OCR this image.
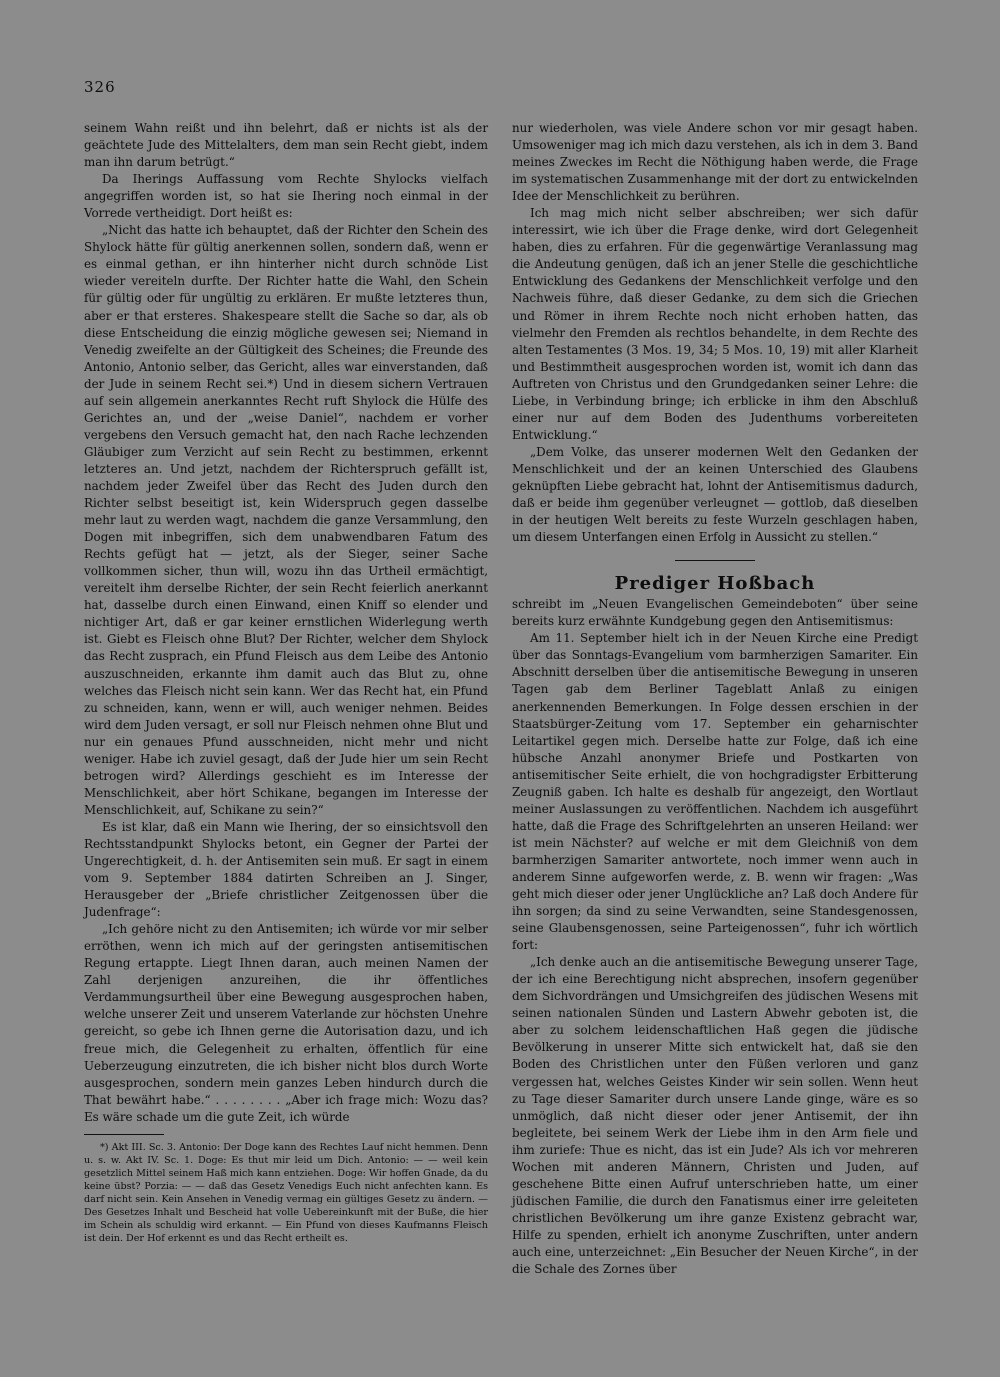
326

seinem Wahn reißt und ihn belehrt, daß er nichts ist als der geächtete Jude des Mittelalters, dem man sein Recht giebt, indem man ihn darum betrügt.“

Da Iherings Auffassung vom Rechte Shylocks vielfach angegriffen worden ist, so hat sie Ihering noch einmal in der Vorrede vertheidigt. Dort heißt es:

„Nicht das hatte ich behauptet, daß der Richter den Schein des Shylock hätte für gültig anerkennen sollen, sondern daß, wenn er es einmal gethan, er ihn hinterher nicht durch schnöde List wieder vereiteln durfte. Der Richter hatte die Wahl, den Schein für gültig oder für ungültig zu erklären. Er mußte letzteres thun, aber er that ersteres. Shakespeare stellt die Sache so dar, als ob diese Entscheidung die einzig mögliche gewesen sei; Niemand in Venedig zweifelte an der Gültigkeit des Scheines; die Freunde des Antonio, Antonio selber, das Gericht, alles war einverstanden, daß der Jude in seinem Recht sei.*) Und in diesem sichern Vertrauen auf sein allgemein anerkanntes Recht ruft Shylock die Hülfe des Gerichtes an, und der „weise Daniel“, nachdem er vorher vergebens den Versuch gemacht hat, den nach Rache lechzenden Gläubiger zum Verzicht auf sein Recht zu bestimmen, erkennt letzteres an. Und jetzt, nachdem der Richterspruch gefällt ist, nachdem jeder Zweifel über das Recht des Juden durch den Richter selbst beseitigt ist, kein Widerspruch gegen dasselbe mehr laut zu werden wagt, nachdem die ganze Versammlung, den Dogen mit inbegriffen, sich dem unabwendbaren Fatum des Rechts gefügt hat — jetzt, als der Sieger, seiner Sache vollkommen sicher, thun will, wozu ihn das Urtheil ermächtigt, vereitelt ihm derselbe Richter, der sein Recht feierlich anerkannt hat, dasselbe durch einen Einwand, einen Kniff so elender und nichtiger Art, daß er gar keiner ernstlichen Widerlegung werth ist. Giebt es Fleisch ohne Blut? Der Richter, welcher dem Shylock das Recht zusprach, ein Pfund Fleisch aus dem Leibe des Antonio auszuschneiden, erkannte ihm damit auch das Blut zu, ohne welches das Fleisch nicht sein kann. Wer das Recht hat, ein Pfund zu schneiden, kann, wenn er will, auch weniger nehmen. Beides wird dem Juden versagt, er soll nur Fleisch nehmen ohne Blut und nur ein genaues Pfund ausschneiden, nicht mehr und nicht weniger. Habe ich zuviel gesagt, daß der Jude hier um sein Recht betrogen wird? Allerdings geschieht es im Interesse der Menschlichkeit, aber hört Schikane, begangen im Interesse der Menschlichkeit, auf, Schikane zu sein?“

Es ist klar, daß ein Mann wie Ihering, der so einsichtsvoll den Rechtsstandpunkt Shylocks betont, ein Gegner der Partei der Ungerechtigkeit, d. h. der Antisemiten sein muß. Er sagt in einem vom 9. September 1884 datirten Schreiben an J. Singer, Herausgeber der „Briefe christlicher Zeitgenossen über die Judenfrage“:

„Ich gehöre nicht zu den Antisemiten; ich würde vor mir selber erröthen, wenn ich mich auf der geringsten antisemitischen Regung ertappte. Liegt Ihnen daran, auch meinen Namen der Zahl derjenigen anzureihen, die ihr öffentliches Verdammungsurtheil über eine Bewegung ausgesprochen haben, welche unserer Zeit und unserem Vaterlande zur höchsten Unehre gereicht, so gebe ich Ihnen gerne die Autorisation dazu, und ich freue mich, die Gelegenheit zu erhalten, öffentlich für eine Ueberzeugung einzutreten, die ich bisher nicht blos durch Worte ausgesprochen, sondern mein ganzes Leben hindurch durch die That bewährt habe.“ . . . . . . . . „Aber ich frage mich: Wozu das? Es wäre schade um die gute Zeit, ich würde

*) Akt III. Sc. 3. Antonio: Der Doge kann des Rechtes Lauf nicht hemmen. Denn u. s. w. Akt IV. Sc. 1. Doge: Es thut mir leid um Dich. Antonio: — — weil kein gesetzlich Mittel seinem Haß mich kann entziehen. Doge: Wir hoffen Gnade, da du keine übst? Porzia: — — daß das Gesetz Venedigs Euch nicht anfechten kann. Es darf nicht sein. Kein Ansehen in Venedig vermag ein gültiges Gesetz zu ändern. — Des Gesetzes Inhalt und Bescheid hat volle Uebereinkunft mit der Buße, die hier im Schein als schuldig wird erkannt. — Ein Pfund von dieses Kaufmanns Fleisch ist dein. Der Hof erkennt es und das Recht ertheilt es.

nur wiederholen, was viele Andere schon vor mir gesagt haben. Umsoweniger mag ich mich dazu verstehen, als ich in dem 3. Band meines Zweckes im Recht die Nöthigung haben werde, die Frage im systematischen Zusammenhange mit der dort zu entwickelnden Idee der Menschlichkeit zu berühren.

Ich mag mich nicht selber abschreiben; wer sich dafür interessirt, wie ich über die Frage denke, wird dort Gelegenheit haben, dies zu erfahren. Für die gegenwärtige Veranlassung mag die Andeutung genügen, daß ich an jener Stelle die geschichtliche Entwicklung des Gedankens der Menschlichkeit verfolge und den Nachweis führe, daß dieser Gedanke, zu dem sich die Griechen und Römer in ihrem Rechte noch nicht erhoben hatten, das vielmehr den Fremden als rechtlos behandelte, in dem Rechte des alten Testamentes (3 Mos. 19, 34; 5 Mos. 10, 19) mit aller Klarheit und Bestimmtheit ausgesprochen worden ist, womit ich dann das Auftreten von Christus und den Grundgedanken seiner Lehre: die Liebe, in Verbindung bringe; ich erblicke in ihm den Abschluß einer nur auf dem Boden des Judenthums vorbereiteten Entwicklung.“

„Dem Volke, das unserer modernen Welt den Gedanken der Menschlichkeit und der an keinen Unterschied des Glaubens geknüpften Liebe gebracht hat, lohnt der Antisemitismus dadurch, daß er beide ihm gegenüber verleugnet — gottlob, daß dieselben in der heutigen Welt bereits zu feste Wurzeln geschlagen haben, um diesem Unterfangen einen Erfolg in Aussicht zu stellen.“

Prediger Hoßbach

schreibt im „Neuen Evangelischen Gemeindeboten“ über seine bereits kurz erwähnte Kundgebung gegen den Antisemitismus:

Am 11. September hielt ich in der Neuen Kirche eine Predigt über das Sonntags-Evangelium vom barmherzigen Samariter. Ein Abschnitt derselben über die antisemitische Bewegung in unseren Tagen gab dem Berliner Tageblatt Anlaß zu einigen anerkennenden Bemerkungen. In Folge dessen erschien in der Staatsbürger-Zeitung vom 17. September ein geharnischter Leitartikel gegen mich. Derselbe hatte zur Folge, daß ich eine hübsche Anzahl anonymer Briefe und Postkarten von antisemitischer Seite erhielt, die von hochgradigster Erbitterung Zeugniß gaben. Ich halte es deshalb für angezeigt, den Wortlaut meiner Auslassungen zu veröffentlichen. Nachdem ich ausgeführt hatte, daß die Frage des Schriftgelehrten an unseren Heiland: wer ist mein Nächster? auf welche er mit dem Gleichniß von dem barmherzigen Samariter antwortete, noch immer wenn auch in anderem Sinne aufgeworfen werde, z. B. wenn wir fragen: „Was geht mich dieser oder jener Unglückliche an? Laß doch Andere für ihn sorgen; da sind zu seine Verwandten, seine Standesgenossen, seine Glaubensgenossen, seine Parteigenossen“, fuhr ich wörtlich fort:

„Ich denke auch an die antisemitische Bewegung unserer Tage, der ich eine Berechtigung nicht absprechen, insofern gegenüber dem Sichvordrängen und Umsichgreifen des jüdischen Wesens mit seinen nationalen Sünden und Lastern Abwehr geboten ist, die aber zu solchem leidenschaftlichen Haß gegen die jüdische Bevölkerung in unserer Mitte sich entwickelt hat, daß sie den Boden des Christlichen unter den Füßen verloren und ganz vergessen hat, welches Geistes Kinder wir sein sollen. Wenn heut zu Tage dieser Samariter durch unsere Lande ginge, wäre es so unmöglich, daß nicht dieser oder jener Antisemit, der ihn begleitete, bei seinem Werk der Liebe ihm in den Arm fiele und ihm zuriefe: Thue es nicht, das ist ein Jude? Als ich vor mehreren Wochen mit anderen Männern, Christen und Juden, auf geschehene Bitte einen Aufruf unterschrieben hatte, um einer jüdischen Familie, die durch den Fanatismus einer irre geleiteten christlichen Bevölkerung um ihre ganze Existenz gebracht war, Hilfe zu spenden, erhielt ich anonyme Zuschriften, unter andern auch eine, unterzeichnet: „Ein Besucher der Neuen Kirche“, in der die Schale des Zornes über
